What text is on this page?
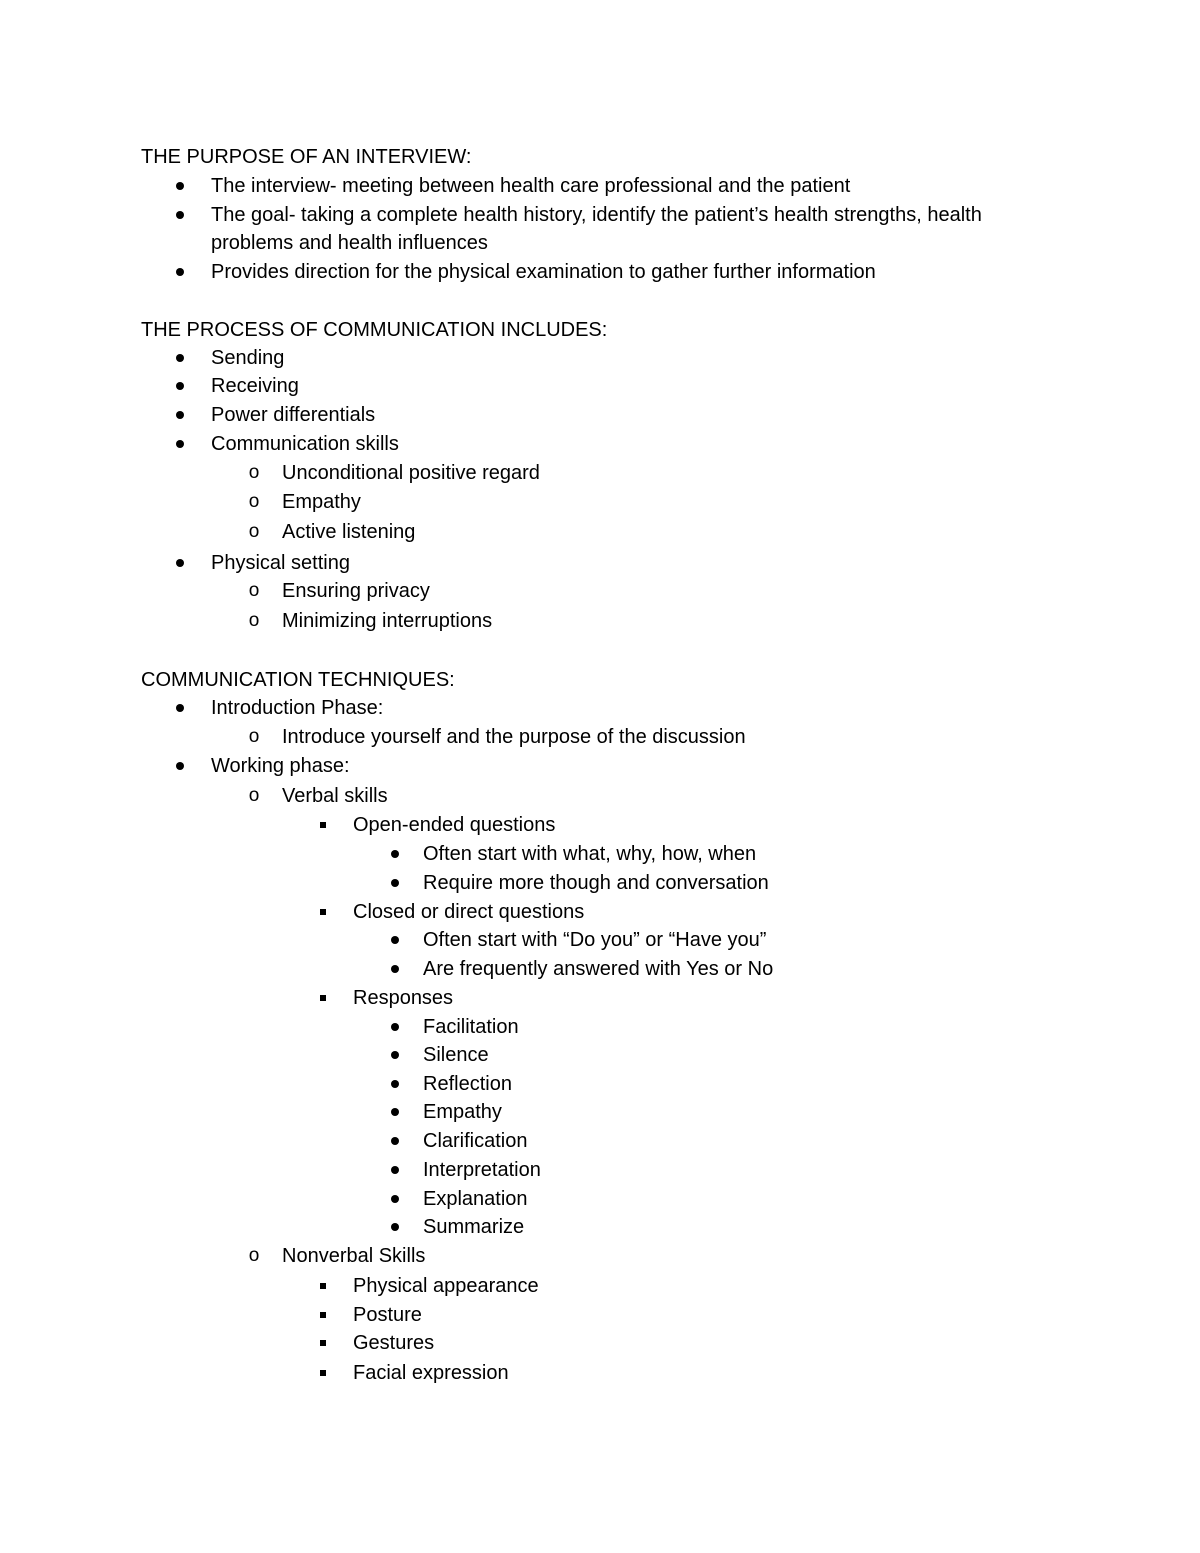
THE PURPOSE OF AN INTERVIEW:
The interview- meeting between health care professional and the patient
The goal- taking a complete health history, identify the patient’s health strengths, health
problems and health influences
Provides direction for the physical examination to gather further information
THE PROCESS OF COMMUNICATION INCLUDES:
Sending
Receiving
Power differentials
Communication skills
o Unconditional positive regard
o Empathy
o Active listening
Physical setting
o Ensuring privacy
o Minimizing interruptions
COMMUNICATION TECHNIQUES:
Introduction Phase:
o Introduce yourself and the purpose of the discussion
Working phase:
o Verbal skills
Open-ended questions
Often start with what, why, how, when
Require more though and conversation
Closed or direct questions
Often start with “Do you” or “Have you”
Are frequently answered with Yes or No
Responses
Facilitation
Silence
Reflection
Empathy
Clarification
Interpretation
Explanation
Summarize
o Nonverbal Skills
Physical appearance
Posture
Gestures
Facial expression
